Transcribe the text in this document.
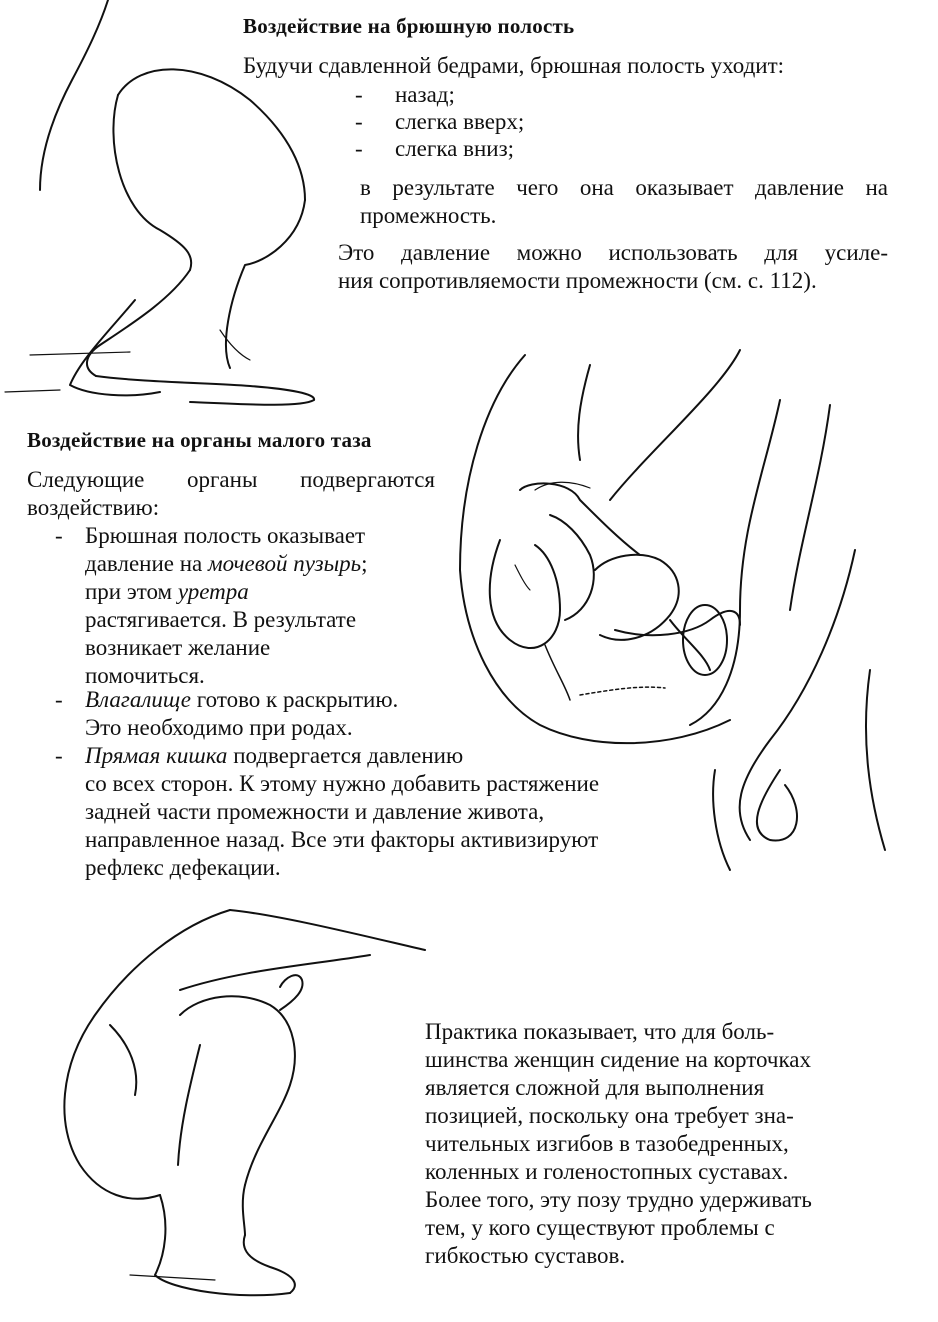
Воздействие на брюшную полость
Будучи сдавленной бедрами, брюшная полость уходит:
- назад;
- слегка вверх;
- слегка вниз;
в результате чего она оказывает давление на
промежность.
Это давление можно использовать для усиле-
ния сопротивляемости промежности (см. с. 112).
Воздействие на органы малого таза
Следующие органы подвергаются
воздействию:
- Брюшная полость оказывает
давление на мочевой пузырь;
при этом уретра
растягивается. В результате
возникает желание
помочиться.
- Влагалище готово к раскрытию.
Это необходимо при родах.
- Прямая кишка подвергается давлению
со всех сторон. К этому нужно добавить растяжение
задней части промежности и давление живота,
направленное назад. Все эти факторы активизируют
рефлекс дефекации.
Практика показывает, что для боль-
шинства женщин сидение на корточках
является сложной для выполнения
позицией, поскольку она требует зна-
чительных изгибов в тазобедренных,
коленных и голеностопных суставах.
Более того, эту позу трудно удерживать
тем, у кого существуют проблемы с
гибкостью суставов.
